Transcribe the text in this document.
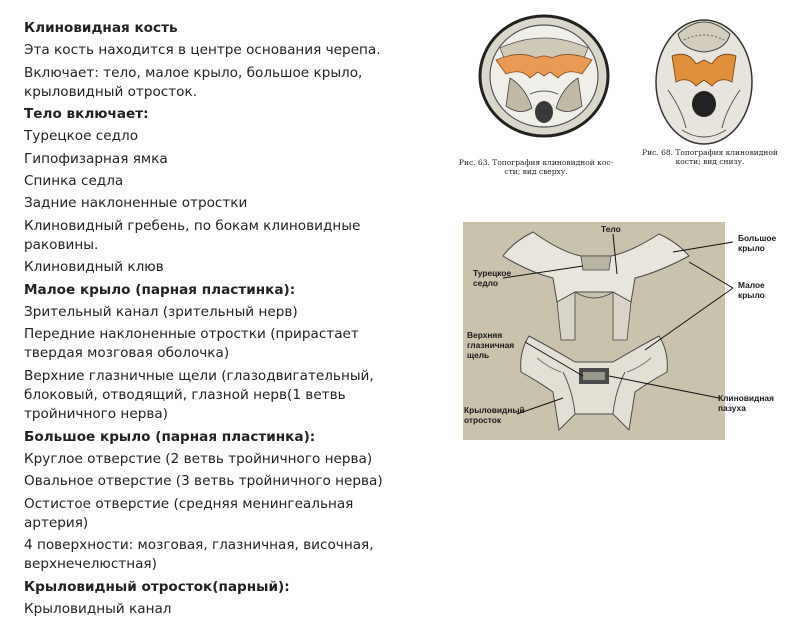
Клиновидная кость
Эта кость находится в центре основания черепа.
Включает: тело, малое крыло, большое крыло,
крыловидный отросток.
Тело включает:
Турецкое седло
Гипофизарная ямка
Спинка седла
Задние наклоненные отростки
Клиновидный гребень, по бокам клиновидные
раковины.
Клиновидный клюв
Малое крыло (парная пластинка):
Зрительный канал (зрительный нерв)
Передние наклоненные отростки (прирастает
твердая мозговая оболочка)
Верхние глазничные щели (глазодвигательный,
блоковый, отводящий, глазной нерв(1 ветвь
тройничного нерва)
Большое крыло (парная пластинка):
Круглое отверстие (2 ветвь тройничного нерва)
Овальное отверстие (3 ветвь тройничного нерва)
Остистое отверстие (средняя менингеальная
артерия)
4 поверхности: мозговая, глазничная, височная,
верхнечелюстная)
Крыловидный отросток(парный):
Крыловидный канал
Рис. 63. Топография клиновидной кос-
сти; вид сверху.
Рис. 68. Топография клиновидной
кости; вид снизу.
Тело
Большое
крыло
Турецкое
седло	Малое
крыло
Верхняя
глазничная
щель
Крыловидный
отросток
Клиновидная
пазуха
